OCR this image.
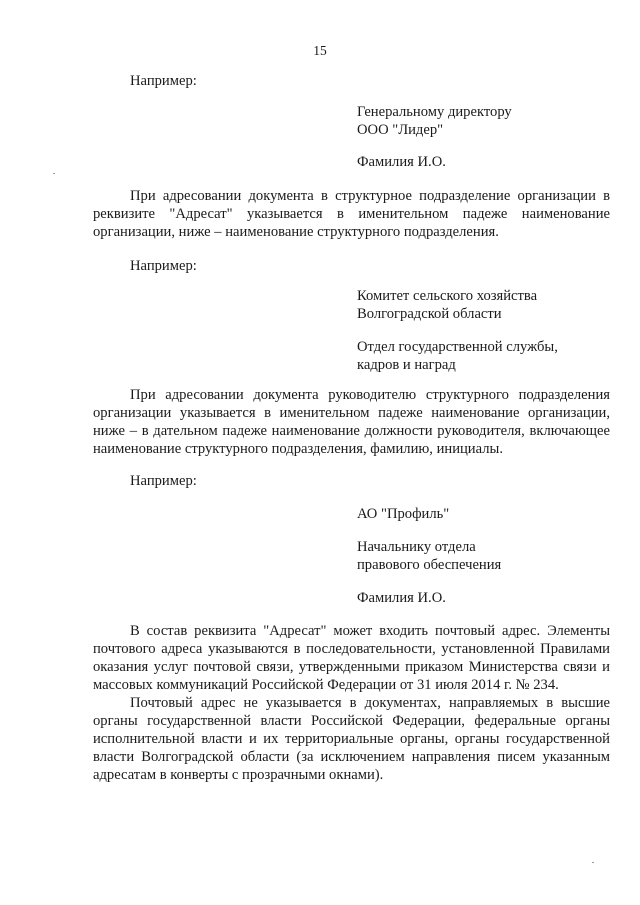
15
Например:
Генеральному директору
ООО "Лидер"
Фамилия И.О.
При адресовании документа в структурное подразделение организации в реквизите "Адресат" указывается в именительном падеже наименование организации, ниже – наименование структурного подразделения.
Например:
Комитет сельского хозяйства
Волгоградской области
Отдел государственной службы,
кадров и наград
При адресовании документа руководителю структурного подразделения организации указывается в именительном падеже наименование организации, ниже – в дательном падеже наименование должности руководителя, включающее наименование структурного подразделения, фамилию, инициалы.
Например:
АО "Профиль"
Начальнику отдела
правового обеспечения
Фамилия И.О.
В состав реквизита "Адресат" может входить почтовый адрес. Элементы почтового адреса указываются в последовательности, установленной Правилами оказания услуг почтовой связи, утвержденными приказом Министерства связи и массовых коммуникаций Российской Федерации от 31 июля 2014 г. № 234.
Почтовый адрес не указывается в документах, направляемых в высшие органы государственной власти Российской Федерации, федеральные органы исполнительной власти и их территориальные органы, органы государственной власти Волгоградской области (за исключением направления писем указанным адресатам в конверты с прозрачными окнами).
